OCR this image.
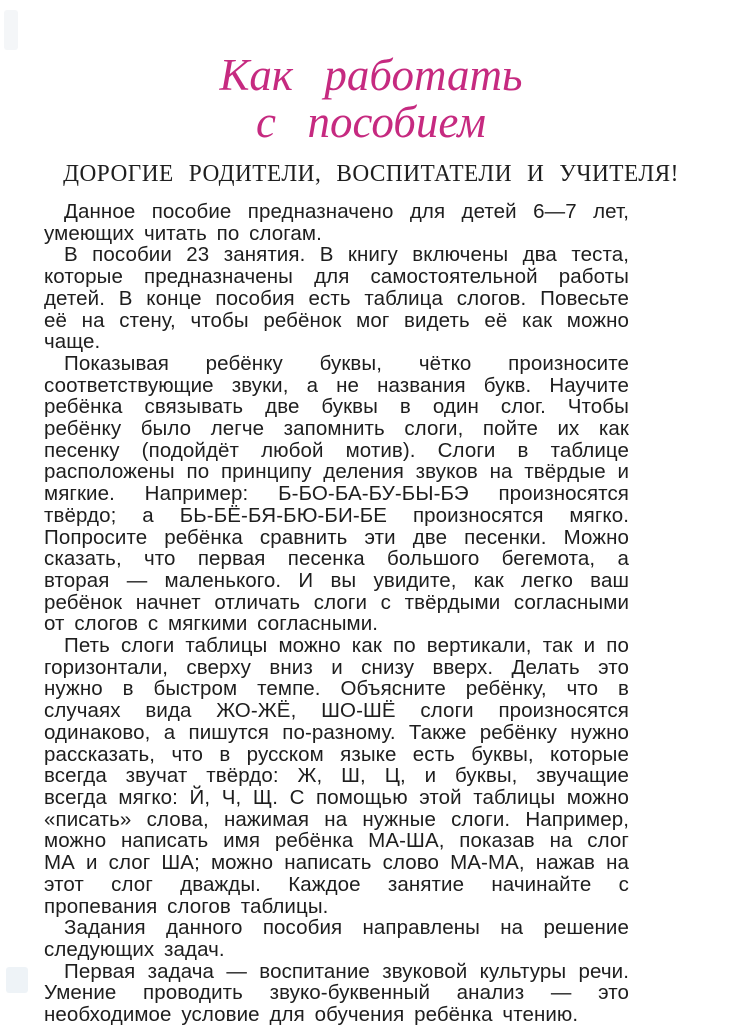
Как работать
с пособием
ДОРОГИЕ РОДИТЕЛИ, ВОСПИТАТЕЛИ И УЧИТЕЛЯ!

Данное пособие предназначено для детей 6—7 лет, умеющих читать по слогам.

В пособии 23 занятия. В книгу включены два теста, которые предназначены для самостоятельной работы детей. В конце пособия есть таблица слогов. Повесьте её на стену, чтобы ребёнок мог видеть её как можно чаще.

Показывая ребёнку буквы, чётко произносите соответствующие звуки, а не названия букв. Научите ребёнка связывать две буквы в один слог. Чтобы ребёнку было легче запомнить слоги, пойте их как песенку (подойдёт любой мотив). Слоги в таблице расположены по принципу деления звуков на твёрдые и мягкие. Например: Б-БО-БА-БУ-БЫ-БЭ произносятся твёрдо; а БЬ-БЁ-БЯ-БЮ-БИ-БЕ произносятся мягко. Попросите ребёнка сравнить эти две песенки. Можно сказать, что первая песенка большого бегемота, а вторая — маленького. И вы увидите, как легко ваш ребёнок начнет отличать слоги с твёрдыми согласными от слогов с мягкими согласными.

Петь слоги таблицы можно как по вертикали, так и по горизонтали, сверху вниз и снизу вверх. Делать это нужно в быстром темпе. Объясните ребёнку, что в случаях вида ЖО-ЖЁ, ШО-ШЁ слоги произносятся одинаково, а пишутся по-разному. Также ребёнку нужно рассказать, что в русском языке есть буквы, которые всегда звучат твёрдо: Ж, Ш, Ц, и буквы, звучащие всегда мягко: Й, Ч, Щ. С помощью этой таблицы можно «писать» слова, нажимая на нужные слоги. Например, можно написать имя ребёнка МА-ША, показав на слог МА и слог ША; можно написать слово МА-МА, нажав на этот слог дважды. Каждое занятие начинайте с пропевания слогов таблицы.

Задания данного пособия направлены на решение следующих задач.

Первая задача — воспитание звуковой культуры речи. Умение проводить звуко-буквенный анализ — это необходимое условие для обучения ребёнка чтению.
